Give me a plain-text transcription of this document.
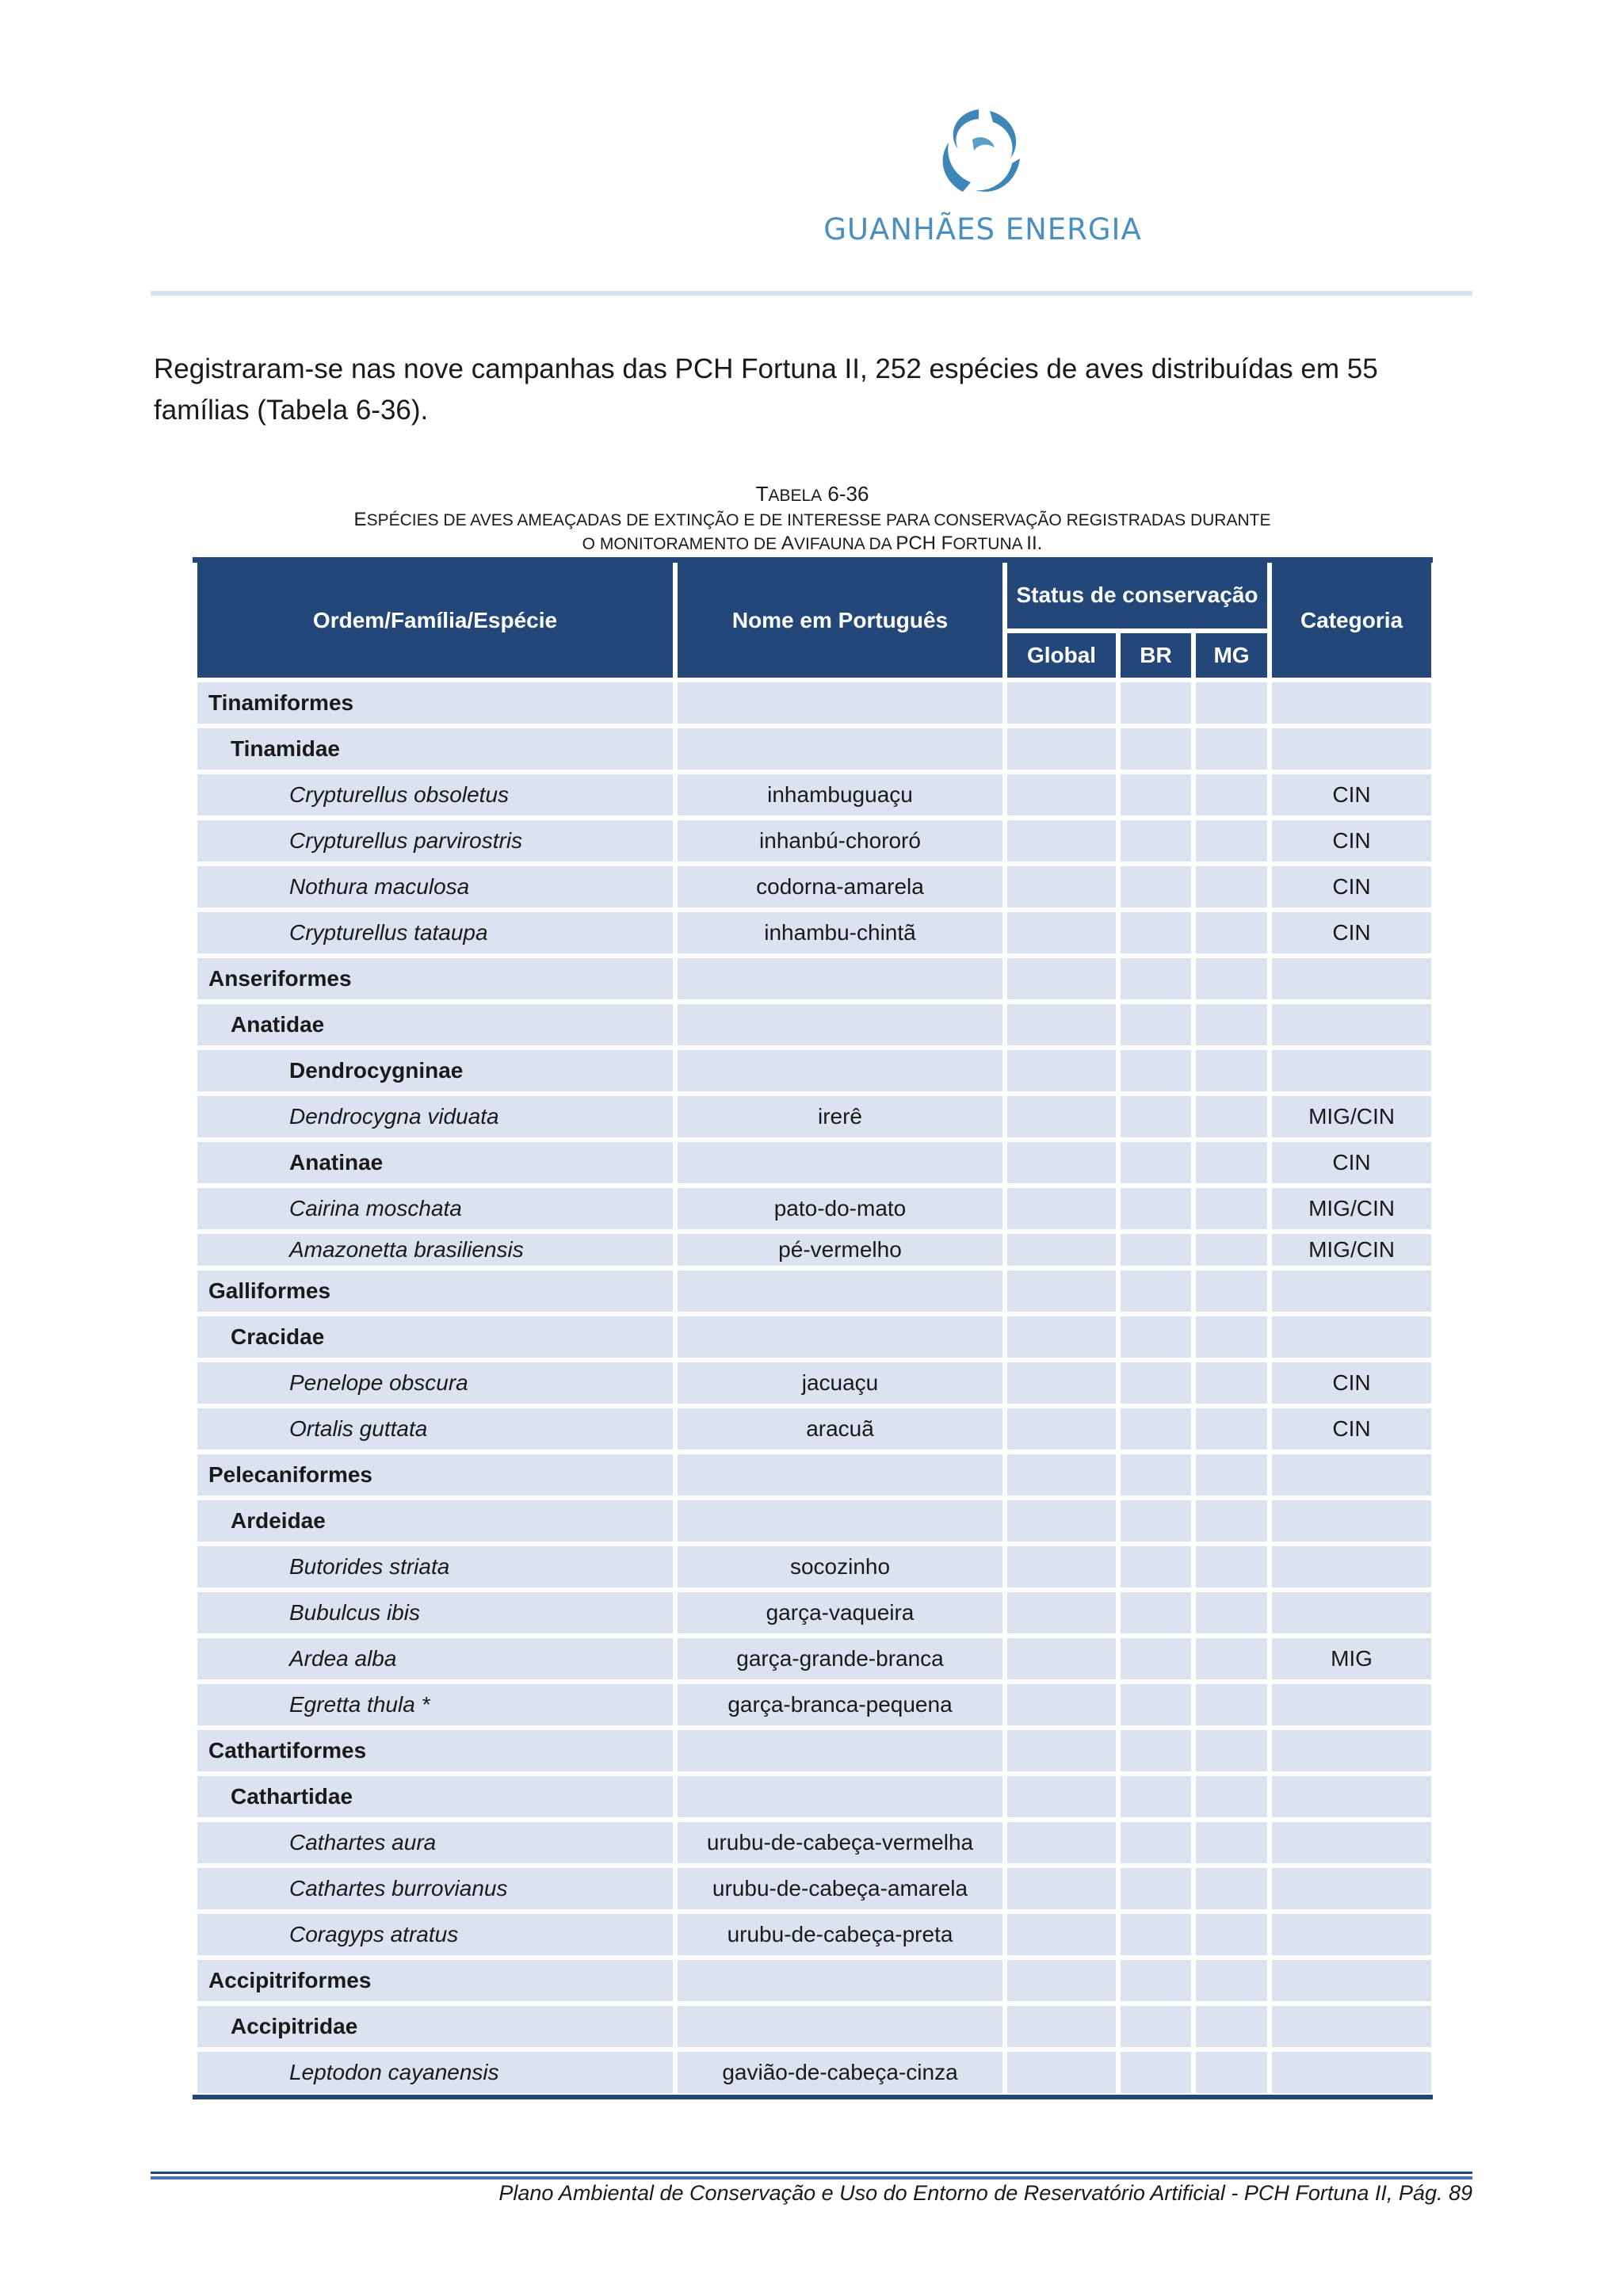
GUANHÃES ENERGIA
Registraram-se nas nove campanhas das PCH Fortuna II, 252 espécies de aves distribuídas em 55 famílias (Tabela 6-36).
TABELA 6-36
ESPÉCIES DE AVES AMEAÇADAS DE EXTINÇÃO E DE INTERESSE PARA CONSERVAÇÃO REGISTRADAS DURANTE
O MONITORAMENTO DE AVIFAUNA DA PCH FORTUNA II.
Ordem/Família/Espécie	Nome em Português	Status de conservação			Categoria
		Global	BR	MG	
Tinamiformes					
Tinamidae					
Crypturellus obsoletus	inhambuguaçu				CIN
Crypturellus parvirostris	inhanbú-chororó				CIN
Nothura maculosa	codorna-amarela				CIN
Crypturellus tataupa	inhambu-chintã				CIN
Anseriformes					
Anatidae					
Dendrocygninae					
Dendrocygna viduata	irerê				MIG/CIN
Anatinae					CIN
Cairina moschata	pato-do-mato				MIG/CIN
Amazonetta brasiliensis	pé-vermelho				MIG/CIN
Galliformes					
Cracidae					
Penelope obscura	jacuaçu				CIN
Ortalis guttata	aracuã				CIN
Pelecaniformes					
Ardeidae					
Butorides striata	socozinho				
Bubulcus ibis	garça-vaqueira				
Ardea alba	garça-grande-branca				MIG
Egretta thula *	garça-branca-pequena				
Cathartiformes					
Cathartidae					
Cathartes aura	urubu-de-cabeça-vermelha				
Cathartes burrovianus	urubu-de-cabeça-amarela				
Coragyps atratus	urubu-de-cabeça-preta				
Accipitriformes					
Accipitridae					
Leptodon cayanensis	gavião-de-cabeça-cinza				
Plano Ambiental de Conservação e Uso do Entorno de Reservatório Artificial - PCH Fortuna II, Pág. 89
